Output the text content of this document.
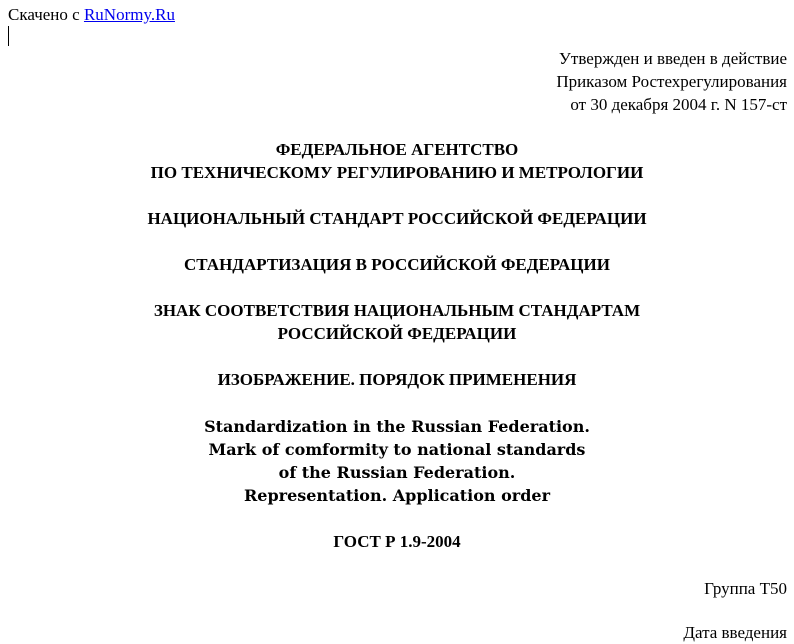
Скачено с RuNormy.Ru
Утвержден и введен в действие
Приказом Ростехрегулирования
от 30 декабря 2004 г. N 157-ст
ФЕДЕРАЛЬНОЕ АГЕНТСТВО
ПО ТЕХНИЧЕСКОМУ РЕГУЛИРОВАНИЮ И МЕТРОЛОГИИ
НАЦИОНАЛЬНЫЙ СТАНДАРТ РОССИЙСКОЙ ФЕДЕРАЦИИ
СТАНДАРТИЗАЦИЯ В РОССИЙСКОЙ ФЕДЕРАЦИИ
ЗНАК СООТВЕТСТВИЯ НАЦИОНАЛЬНЫМ СТАНДАРТАМ
РОССИЙСКОЙ ФЕДЕРАЦИИ
ИЗОБРАЖЕНИЕ. ПОРЯДОК ПРИМЕНЕНИЯ
Standardization in the Russian Federation.
Mark of comformity to national standards
of the Russian Federation.
Representation. Application order
ГОСТ Р 1.9-2004
Группа Т50
Дата введения
